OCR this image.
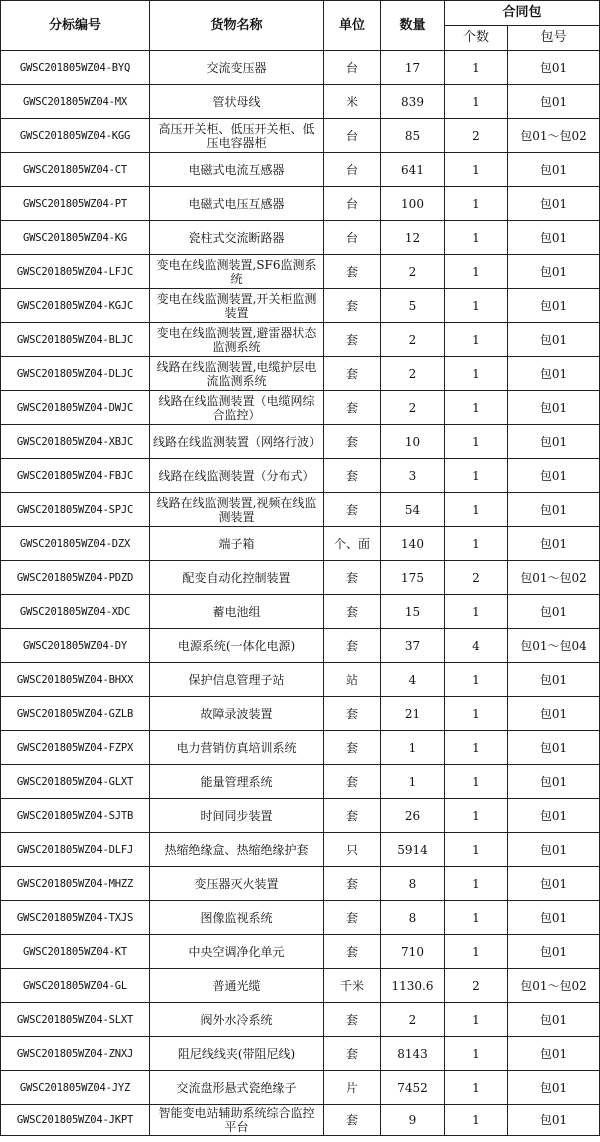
分标编号	货物名称	单位	数量	合同包	
				个数	包号
GWSC201805WZ04-BYQ	交流变压器	台	17	1	包01
GWSC201805WZ04-MX	管状母线	米	839	1	包01
GWSC201805WZ04-KGG	高压开关柜、低压开关柜、低压电容器柜	台	85	2	包01～包02
GWSC201805WZ04-CT	电磁式电流互感器	台	641	1	包01
GWSC201805WZ04-PT	电磁式电压互感器	台	100	1	包01
GWSC201805WZ04-KG	瓷柱式交流断路器	台	12	1	包01
GWSC201805WZ04-LFJC	变电在线监测装置,SF6监测系统	套	2	1	包01
GWSC201805WZ04-KGJC	变电在线监测装置,开关柜监测装置	套	5	1	包01
GWSC201805WZ04-BLJC	变电在线监测装置,避雷器状态监测系统	套	2	1	包01
GWSC201805WZ04-DLJC	线路在线监测装置,电缆护层电流监测系统	套	2	1	包01
GWSC201805WZ04-DWJC	线路在线监测装置（电缆网综合监控）	套	2	1	包01
GWSC201805WZ04-XBJC	线路在线监测装置（网络行波）	套	10	1	包01
GWSC201805WZ04-FBJC	线路在线监测装置（分布式）	套	3	1	包01
GWSC201805WZ04-SPJC	线路在线监测装置,视频在线监测装置	套	54	1	包01
GWSC201805WZ04-DZX	端子箱	个、面	140	1	包01
GWSC201805WZ04-PDZD	配变自动化控制装置	套	175	2	包01～包02
GWSC201805WZ04-XDC	蓄电池组	套	15	1	包01
GWSC201805WZ04-DY	电源系统(一体化电源)	套	37	4	包01～包04
GWSC201805WZ04-BHXX	保护信息管理子站	站	4	1	包01
GWSC201805WZ04-GZLB	故障录波装置	套	21	1	包01
GWSC201805WZ04-FZPX	电力营销仿真培训系统	套	1	1	包01
GWSC201805WZ04-GLXT	能量管理系统	套	1	1	包01
GWSC201805WZ04-SJTB	时间同步装置	套	26	1	包01
GWSC201805WZ04-DLFJ	热缩绝缘盒、热缩绝缘护套	只	5914	1	包01
GWSC201805WZ04-MHZZ	变压器灭火装置	套	8	1	包01
GWSC201805WZ04-TXJS	图像监视系统	套	8	1	包01
GWSC201805WZ04-KT	中央空调净化单元	套	710	1	包01
GWSC201805WZ04-GL	普通光缆	千米	1130.6	2	包01～包02
GWSC201805WZ04-SLXT	阀外水冷系统	套	2	1	包01
GWSC201805WZ04-ZNXJ	阻尼线线夹(带阻尼线)	套	8143	1	包01
GWSC201805WZ04-JYZ	交流盘形悬式瓷绝缘子	片	7452	1	包01
GWSC201805WZ04-JKPT	智能变电站辅助系统综合监控平台	套	9	1	包01
